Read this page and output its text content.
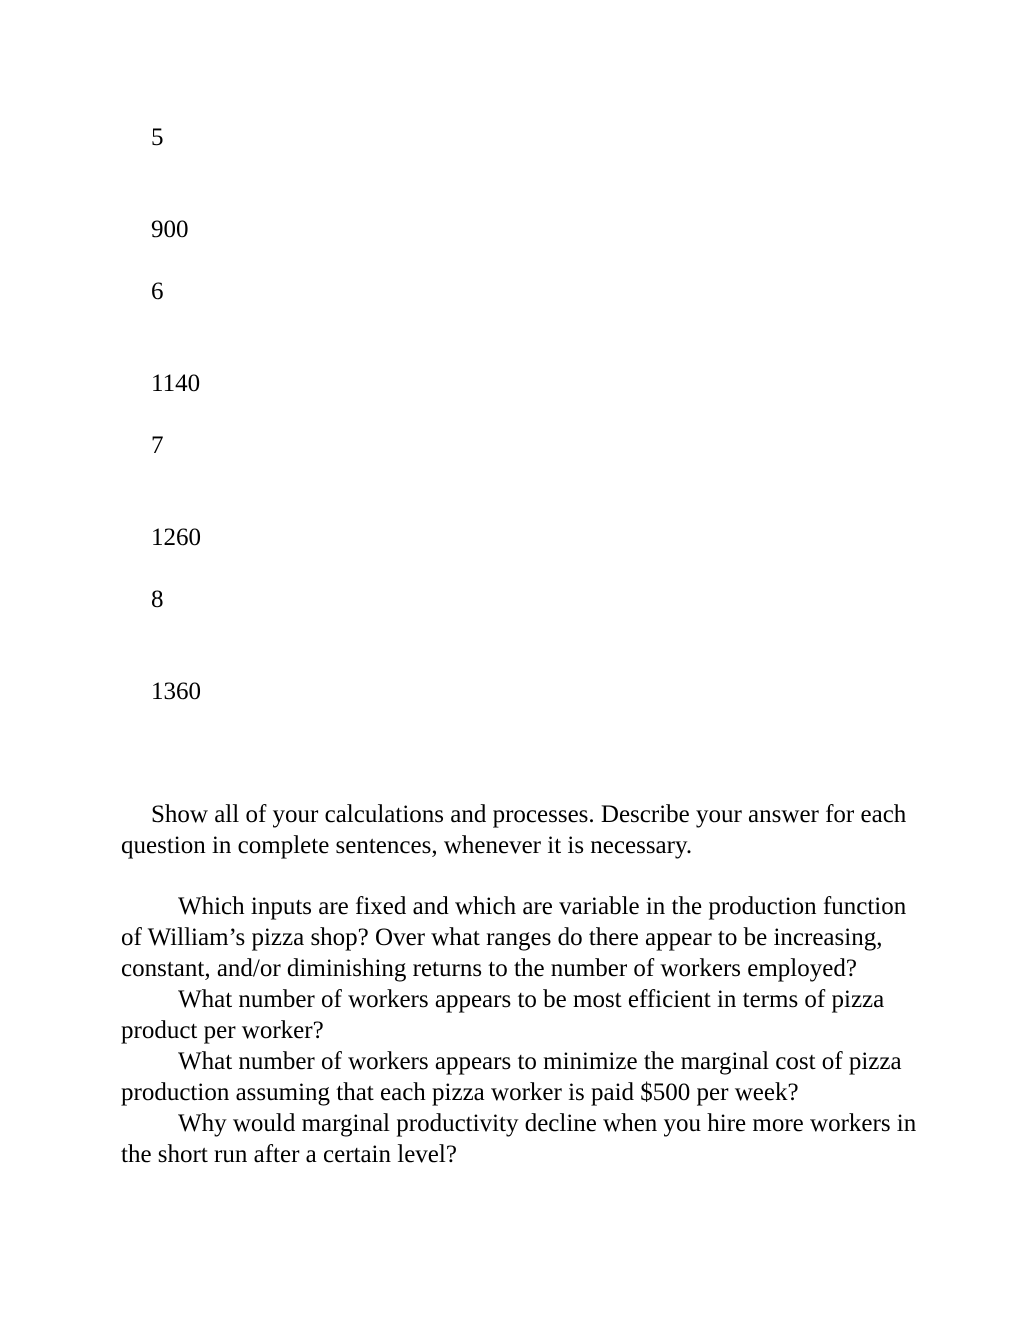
5

900

6

1140

7

1260

8

1360

Show all of your calculations and processes. Describe your answer for each question in complete sentences, whenever it is necessary.

Which inputs are fixed and which are variable in the production function of William’s pizza shop? Over what ranges do there appear to be increasing, constant, and/or diminishing returns to the number of workers employed?
What number of workers appears to be most efficient in terms of pizza product per worker?
What number of workers appears to minimize the marginal cost of pizza production assuming that each pizza worker is paid $500 per week?
Why would marginal productivity decline when you hire more workers in the short run after a certain level?
